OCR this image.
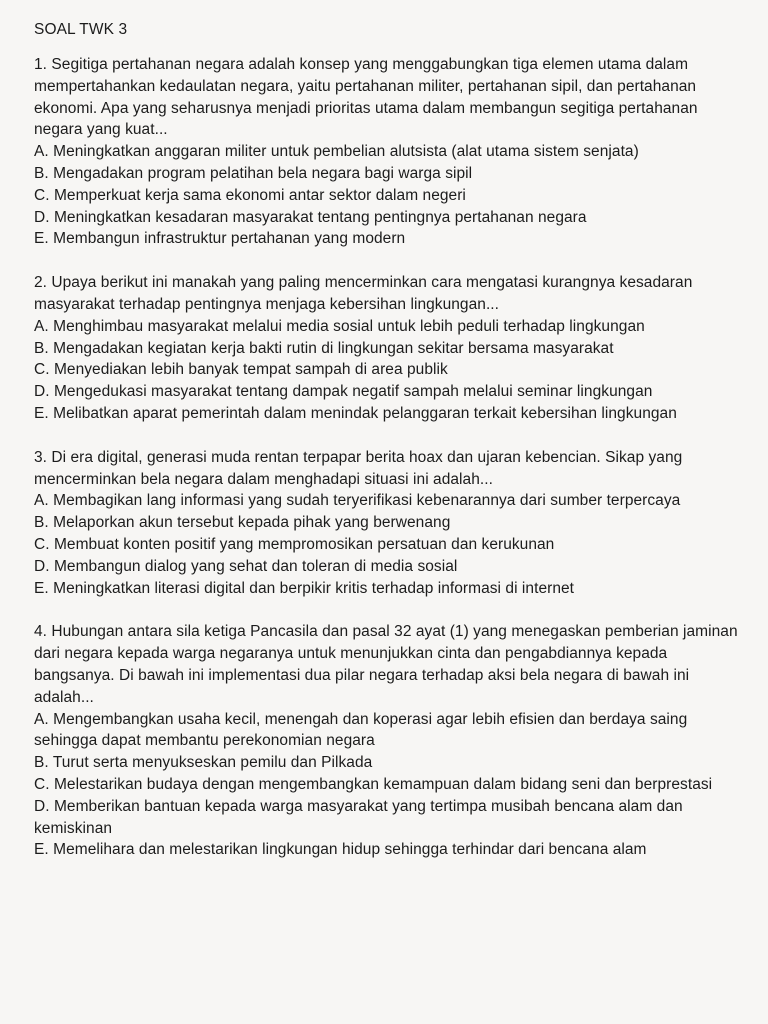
SOAL TWK 3

1. Segitiga pertahanan negara adalah konsep yang menggabungkan tiga elemen utama dalam mempertahankan kedaulatan negara, yaitu pertahanan militer, pertahanan sipil, dan pertahanan ekonomi. Apa yang seharusnya menjadi prioritas utama dalam membangun segitiga pertahanan negara yang kuat...

A. Meningkatkan anggaran militer untuk pembelian alutsista (alat utama sistem senjata)
B. Mengadakan program pelatihan bela negara bagi warga sipil
C. Memperkuat kerja sama ekonomi antar sektor dalam negeri
D. Meningkatkan kesadaran masyarakat tentang pentingnya pertahanan negara
E. Membangun infrastruktur pertahanan yang modern

2. Upaya berikut ini manakah yang paling mencerminkan cara mengatasi kurangnya kesadaran masyarakat terhadap pentingnya menjaga kebersihan lingkungan...

A. Menghimbau masyarakat melalui media sosial untuk lebih peduli terhadap lingkungan
B. Mengadakan kegiatan kerja bakti rutin di lingkungan sekitar bersama masyarakat
C. Menyediakan lebih banyak tempat sampah di area publik
D. Mengedukasi masyarakat tentang dampak negatif sampah melalui seminar lingkungan
E. Melibatkan aparat pemerintah dalam menindak pelanggaran terkait kebersihan lingkungan

3. Di era digital, generasi muda rentan terpapar berita hoax dan ujaran kebencian. Sikap yang mencerminkan bela negara dalam menghadapi situasi ini adalah...

A. Membagikan lang informasi yang sudah teryerifikasi kebenarannya dari sumber terpercaya
B. Melaporkan akun tersebut kepada pihak yang berwenang
C. Membuat konten positif yang mempromosikan persatuan dan kerukunan
D. Membangun dialog yang sehat dan toleran di media sosial
E. Meningkatkan literasi digital dan berpikir kritis terhadap informasi di internet

4. Hubungan antara sila ketiga Pancasila dan pasal 32 ayat (1) yang menegaskan pemberian jaminan dari negara kepada warga negaranya untuk menunjukkan cinta dan pengabdiannya kepada bangsanya. Di bawah ini implementasi dua pilar negara terhadap aksi bela negara di bawah ini adalah...

A. Mengembangkan usaha kecil, menengah dan koperasi agar lebih efisien dan berdaya saing sehingga dapat membantu perekonomian negara
B. Turut serta menyukseskan pemilu dan Pilkada
C. Melestarikan budaya dengan mengembangkan kemampuan dalam bidang seni dan berprestasi
D. Memberikan bantuan kepada warga masyarakat yang tertimpa musibah bencana alam dan kemiskinan
E. Memelihara dan melestarikan lingkungan hidup sehingga terhindar dari bencana alam
